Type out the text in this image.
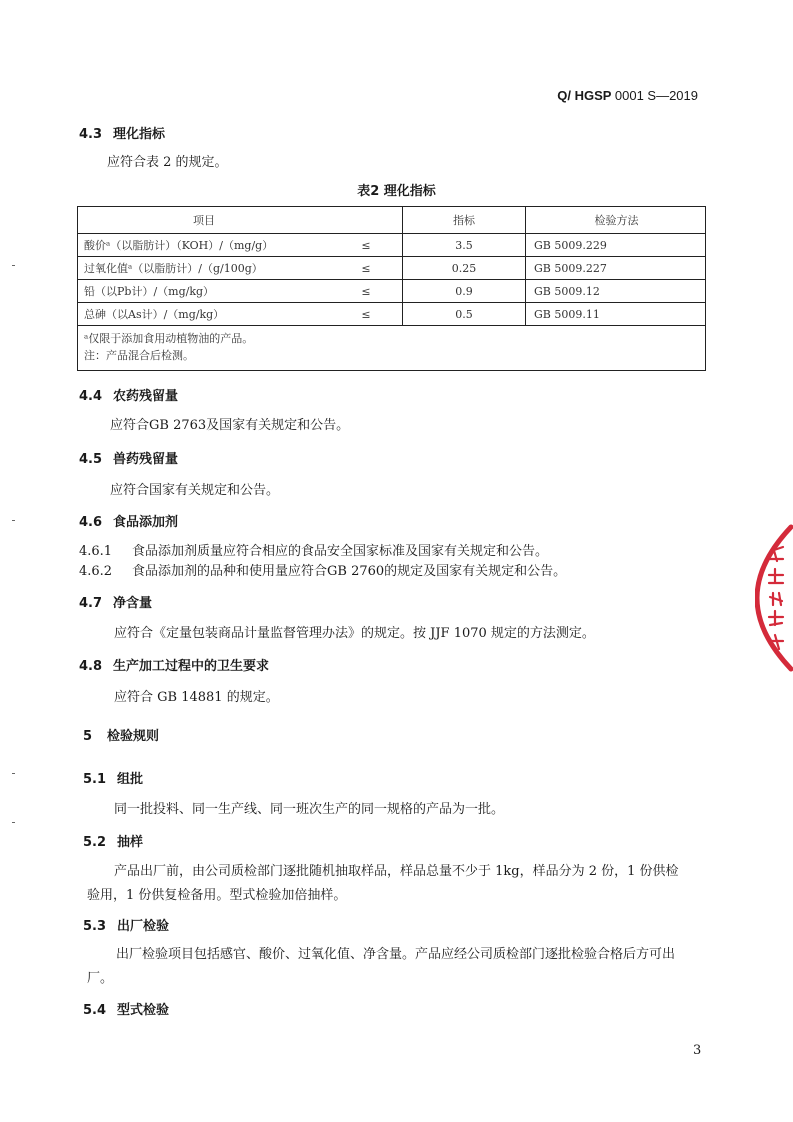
Q/ HGSP 0001 S—2019
4.3 理化指标
应符合表 2 的规定。
表2 理化指标
项目		指标	检验方法
酸价ᵃ（以脂肪计）（KOH）/（mg/g）	≤	3.5	GB 5009.229
过氧化值ᵃ（以脂肪计）/（g/100g）	≤	0.25	GB 5009.227
铅（以Pb计）/（mg/kg）	≤	0.9	GB 5009.12
总砷（以As计）/（mg/kg）	≤	0.5	GB 5009.11

ᵃ仅限于添加食用动植物油的产品。
注：产品混合后检测。			
4.4 农药残留量
应符合GB 2763及国家有关规定和公告。
4.5 兽药残留量
应符合国家有关规定和公告。
4.6 食品添加剂
4.6.1 食品添加剂质量应符合相应的食品安全国家标准及国家有关规定和公告。
4.6.2 食品添加剂的品种和使用量应符合GB 2760的规定及国家有关规定和公告。
4.7 净含量
应符合《定量包装商品计量监督管理办法》的规定。按 JJF 1070 规定的方法测定。
4.8 生产加工过程中的卫生要求
应符合 GB 14881 的规定。
5 检验规则
5.1 组批
同一批投料、同一生产线、同一班次生产的同一规格的产品为一批。
5.2 抽样
产品出厂前，由公司质检部门逐批随机抽取样品，样品总量不少于 1kg，样品分为 2 份，1 份供检
验用，1 份供复检备用。型式检验加倍抽样。
5.3 出厂检验
出厂检验项目包括感官、酸价、过氧化值、净含量。产品应经公司质检部门逐批检验合格后方可出
厂。
5.4 型式检验
3
